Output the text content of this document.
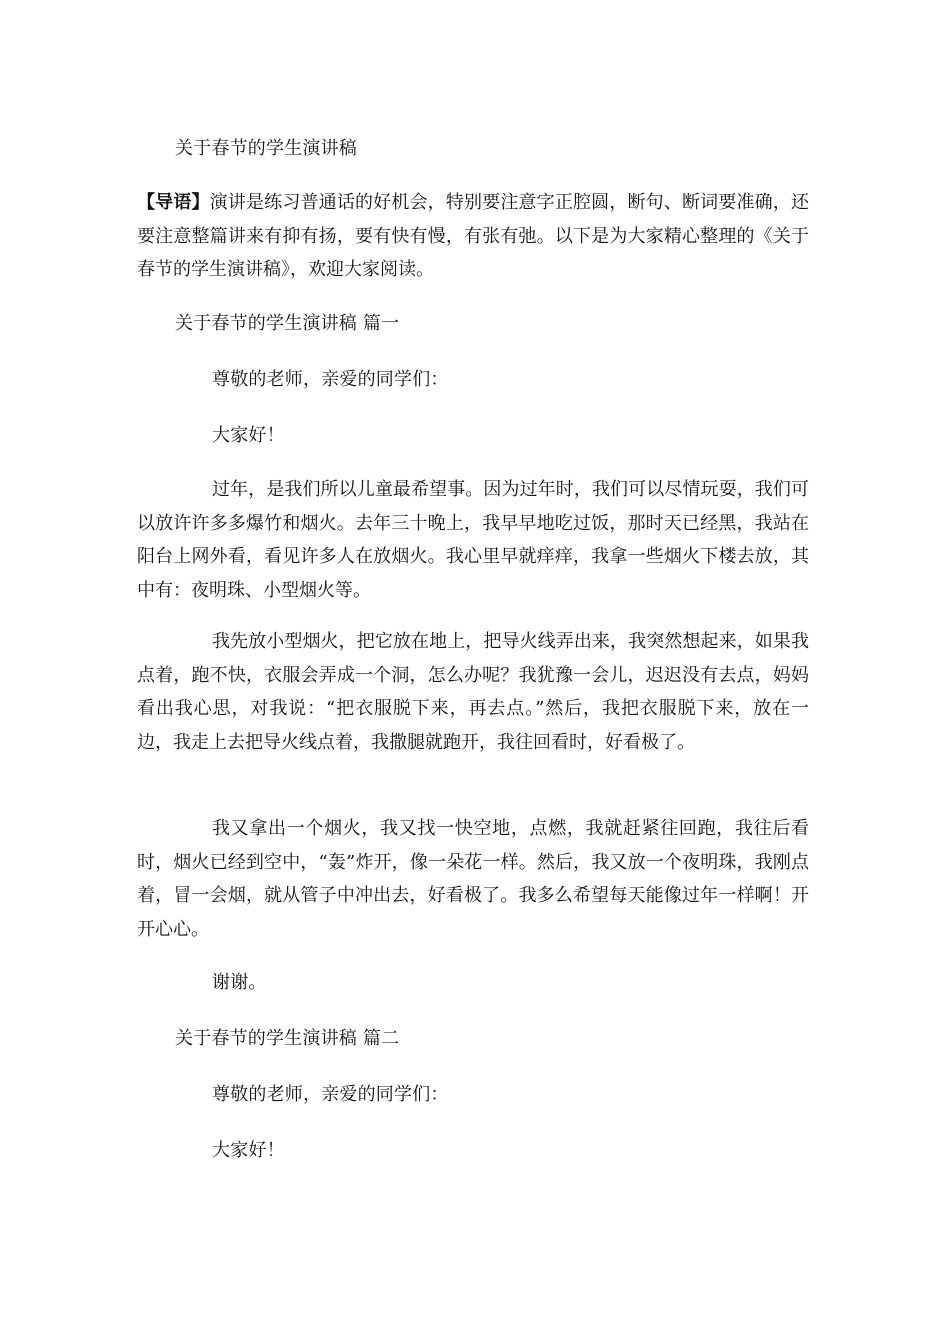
关于春节的学生演讲稿
【导语】演讲是练习普通话的好机会，特别要注意字正腔圆，断句、断词要准确，还要注意整篇讲来有抑有扬，要有快有慢，有张有弛。以下是为大家精心整理的《关于春节的学生演讲稿》，欢迎大家阅读。
关于春节的学生演讲稿 篇一
尊敬的老师，亲爱的同学们：
大家好！
过年，是我们所以儿童最希望事。因为过年时，我们可以尽情玩耍，我们可以放许许多多爆竹和烟火。去年三十晚上，我早早地吃过饭，那时天已经黑，我站在阳台上网外看，看见许多人在放烟火。我心里早就痒痒，我拿一些烟火下楼去放，其中有：夜明珠、小型烟火等。
我先放小型烟火，把它放在地上，把导火线弄出来，我突然想起来，如果我点着，跑不快，衣服会弄成一个洞，怎么办呢？我犹豫一会儿，迟迟没有去点，妈妈看出我心思，对我说：“把衣服脱下来，再去点。”然后，我把衣服脱下来，放在一边，我走上去把导火线点着，我撒腿就跑开，我往回看时，好看极了。
我又拿出一个烟火，我又找一快空地，点燃，我就赶紧往回跑，我往后看时，烟火已经到空中，“轰”炸开，像一朵花一样。然后，我又放一个夜明珠，我刚点着，冒一会烟，就从管子中冲出去，好看极了。我多么希望每天能像过年一样啊！开开心心。
谢谢。
关于春节的学生演讲稿 篇二
尊敬的老师，亲爱的同学们：
大家好！
